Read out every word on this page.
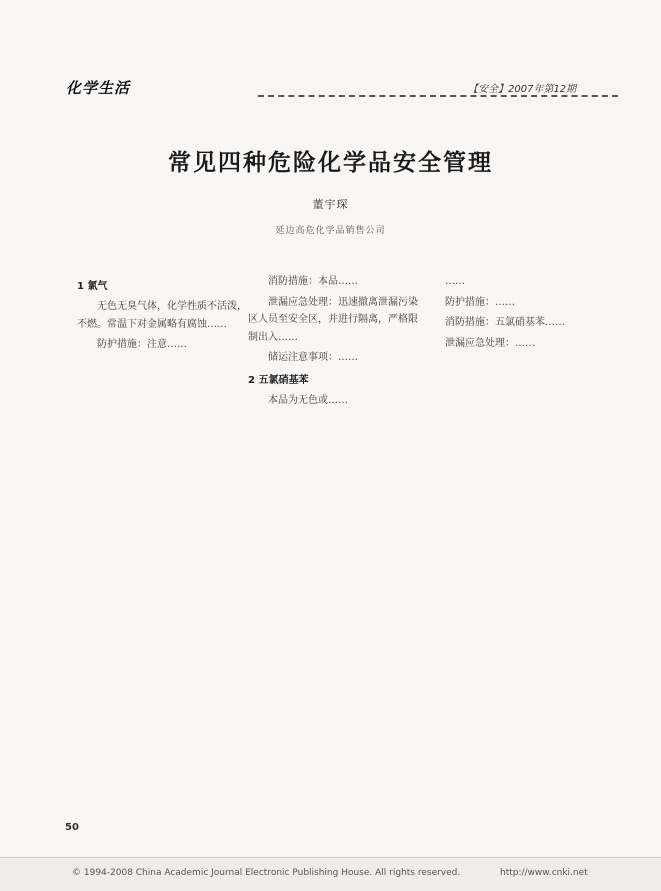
化学生活	【安全】2007年第12期
常见四种危险化学品安全管理
董宇琛
延边高危化学品销售公司
1 氯气

无色无臭气体，化学性质不活泼，不燃。常温下对金属略有腐蚀……

防护措施：注意……

消防措施：本品……

泄漏应急处理：迅速撤离泄漏污染区人员至安全区，并进行隔离，严格限制出入……

储运注意事项：……

2 五氯硝基苯

本品为无色或……

……

防护措施：……

消防措施：五氯硝基苯……

泄漏应急处理：……

50
© 1994-2008 China Academic Journal Electronic Publishing House. All rights reserved.	http://www.cnki.net
